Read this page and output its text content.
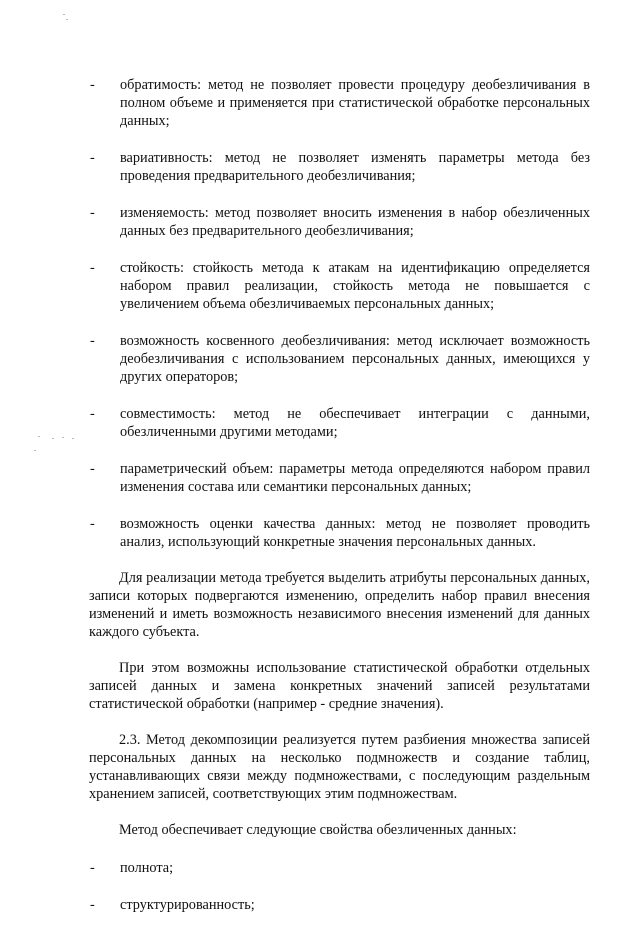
-	обратимость: метод не позволяет провести процедуру деобезличивания в полном объеме и применяется при статистической обработке персональных данных;
-	вариативность: метод не позволяет изменять параметры метода без проведения предварительного деобезличивания;
-	изменяемость: метод позволяет вносить изменения в набор обезличенных данных без предварительного деобезличивания;
-	стойкость: стойкость метода к атакам на идентификацию определяется набором правил реализации, стойкость метода не повышается с увеличением объема обезличиваемых персональных данных;
-	возможность косвенного деобезличивания: метод исключает возможность деобезличивания с использованием персональных данных, имеющихся у других операторов;
-	совместимость: метод не обеспечивает интеграции с данными, обезличенными другими методами;
-	параметрический объем: параметры метода определяются набором правил изменения состава или семантики персональных данных;
-	возможность оценки качества данных: метод не позволяет проводить анализ, использующий конкретные значения персональных данных.

Для реализации метода требуется выделить атрибуты персональных данных, записи которых подвергаются изменению, определить набор правил внесения изменений и иметь возможность независимого внесения изменений для данных каждого субъекта.

При этом возможны использование статистической обработки отдельных записей данных и замена конкретных значений записей результатами статистической обработки (например - средние значения).

2.3. Метод декомпозиции реализуется путем разбиения множества записей персональных данных на несколько подмножеств и создание таблиц, устанавливающих связи между подмножествами, с последующим раздельным хранением записей, соответствующих этим подмножествам.

Метод обеспечивает следующие свойства обезличенных данных:

-	полнота;
-	структурированность;
